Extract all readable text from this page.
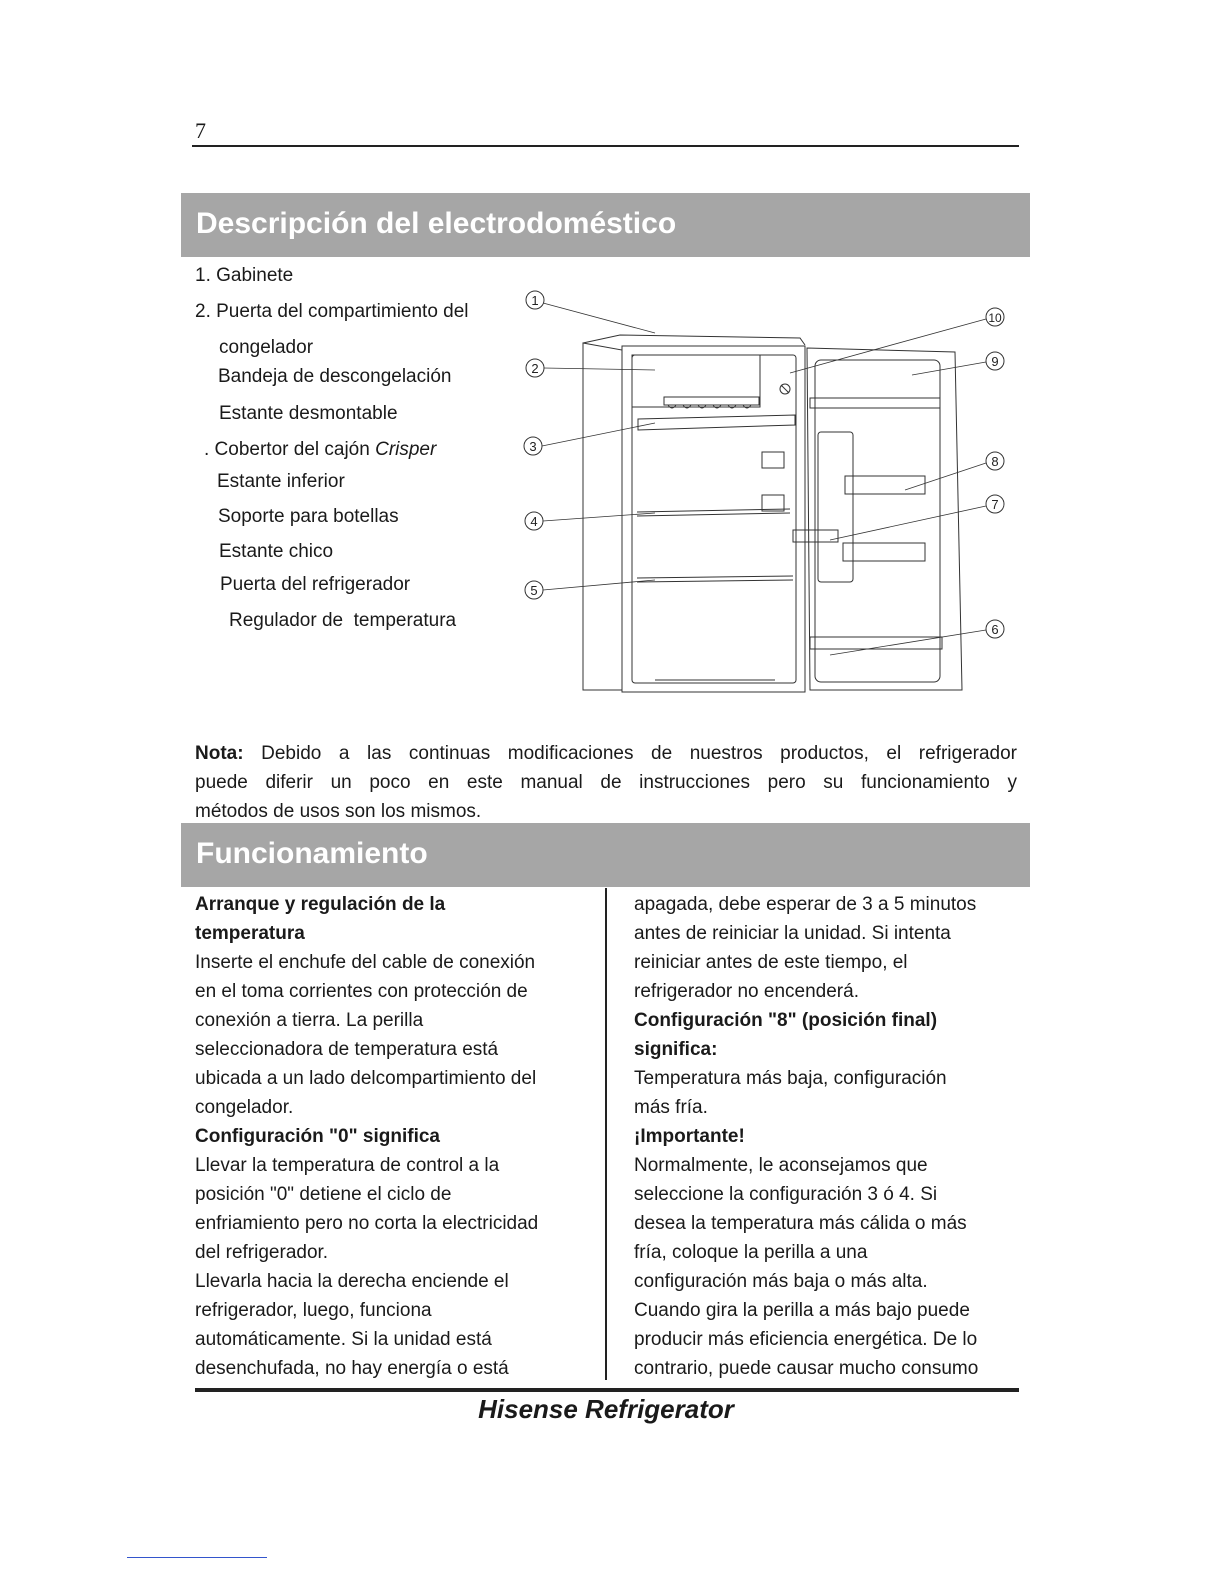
7
Descripción del electrodoméstico
1. Gabinete
2. Puerta del compartimiento del
congelador
Bandeja de descongelación
Estante desmontable
. Cobertor del cajón Crisper
Estante inferior
Soporte para botellas
Estante chico
Puerta del refrigerador
Regulador de  temperatura
1
2
3
4
5
6
7
8
9
10
Nota: Debido a las continuas modificaciones de nuestros productos, el refrigerador
puede diferir un poco en este manual de instrucciones pero su funcionamiento y
métodos de usos son los mismos.
Funcionamiento
Arranque y regulación de la
temperatura
Inserte el enchufe del cable de conexión
en el toma corrientes con protección de
conexión a tierra. La perilla
seleccionadora de temperatura está
ubicada a un lado delcompartimiento del
congelador.
Configuración "0" significa
Llevar la temperatura de control a la
posición "0" detiene el ciclo de
enfriamiento pero no corta la electricidad
del refrigerador.
Llevarla hacia la derecha enciende el
refrigerador, luego, funciona
automáticamente. Si la unidad está
desenchufada, no hay energía o está
apagada, debe esperar de 3 a 5 minutos
antes de reiniciar la unidad. Si intenta
reiniciar antes de este tiempo, el
refrigerador no encenderá.
Configuración "8" (posición final)
significa:
Temperatura más baja, configuración
más fría.
¡Importante!
Normalmente, le aconsejamos que
seleccione la configuración 3 ó 4. Si
desea la temperatura más cálida o más
fría, coloque la perilla a una
configuración más baja o más alta.
Cuando gira la perilla a más bajo puede
producir más eficiencia energética. De lo
contrario, puede causar mucho consumo
Hisense Refrigerator
